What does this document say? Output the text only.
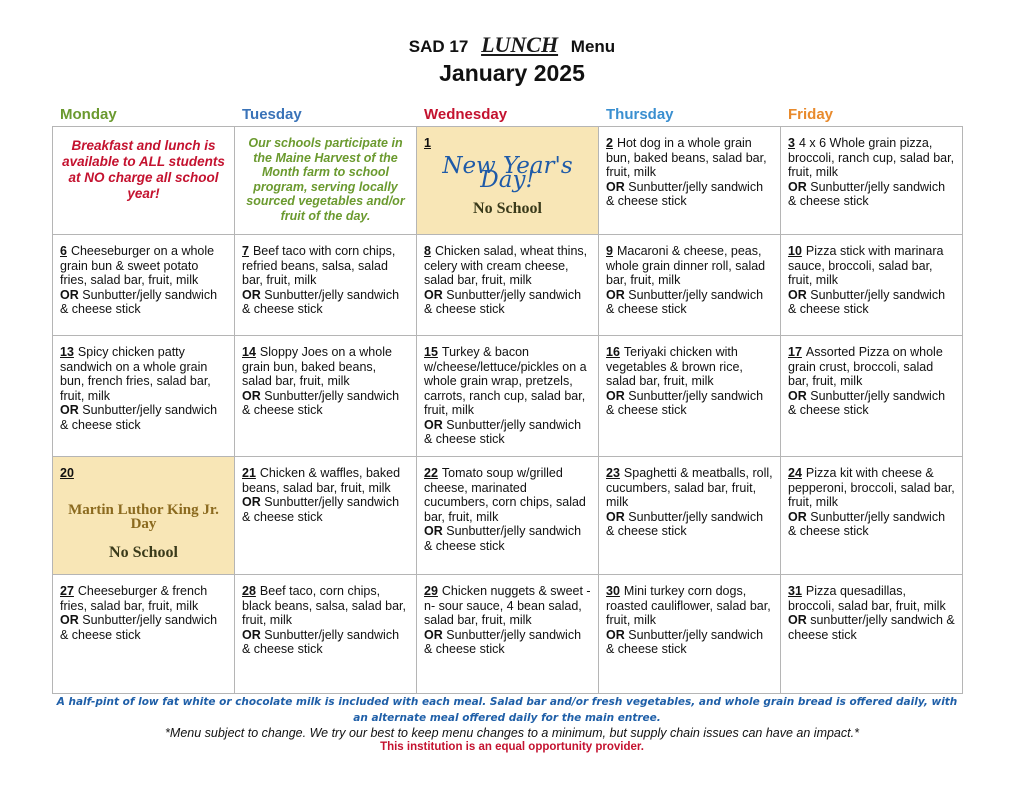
SAD 17 LUNCH Menu
January 2025
Monday	Tuesday	Wednesday	Thursday	Friday
Breakfast and lunch is available to ALL students at NO charge all school year!	Our schools participate in the Maine Harvest of the Month farm to school program, serving locally sourced vegetables and/or fruit of the day.	1
New Year's Day!
No School	2 Hot dog in a whole grain bun, baked beans, salad bar, fruit, milk
OR Sunbutter/jelly sandwich & cheese stick	3 4 x 6 Whole grain pizza, broccoli, ranch cup, salad bar, fruit, milk
OR Sunbutter/jelly sandwich & cheese stick
6 Cheeseburger on a whole grain bun & sweet potato fries, salad bar, fruit, milk
OR Sunbutter/jelly sandwich & cheese stick	7 Beef taco with corn chips, refried beans, salsa, salad bar, fruit, milk
OR Sunbutter/jelly sandwich & cheese stick	8 Chicken salad, wheat thins, celery with cream cheese, salad bar, fruit, milk
OR Sunbutter/jelly sandwich & cheese stick	9 Macaroni & cheese, peas, whole grain dinner roll, salad bar, fruit, milk
OR Sunbutter/jelly sandwich & cheese stick	10 Pizza stick with marinara sauce, broccoli, salad bar, fruit, milk
OR Sunbutter/jelly sandwich & cheese stick
13 Spicy chicken patty sandwich on a whole grain bun, french fries, salad bar, fruit, milk
OR Sunbutter/jelly sandwich & cheese stick	14 Sloppy Joes on a whole grain bun, baked beans, salad bar, fruit, milk
OR Sunbutter/jelly sandwich & cheese stick	15 Turkey & bacon w/cheese/lettuce/pickles on a whole grain wrap, pretzels, carrots, ranch cup, salad bar, fruit, milk
OR Sunbutter/jelly sandwich & cheese stick	16 Teriyaki chicken with vegetables & brown rice, salad bar, fruit, milk
OR Sunbutter/jelly sandwich & cheese stick	17 Assorted Pizza on whole grain crust, broccoli, salad bar, fruit, milk
OR Sunbutter/jelly sandwich & cheese stick
20
Martin Luthor King Jr. Day
No School	21 Chicken & waffles, baked beans, salad bar, fruit, milk
OR Sunbutter/jelly sandwich & cheese stick	22 Tomato soup w/grilled cheese, marinated cucumbers, corn chips, salad bar, fruit, milk
OR Sunbutter/jelly sandwich & cheese stick	23 Spaghetti & meatballs, roll, cucumbers, salad bar, fruit, milk
OR Sunbutter/jelly sandwich & cheese stick	24 Pizza kit with cheese & pepperoni, broccoli, salad bar, fruit, milk
OR Sunbutter/jelly sandwich & cheese stick
27 Cheeseburger & french fries, salad bar, fruit, milk
OR Sunbutter/jelly sandwich & cheese stick	28 Beef taco, corn chips, black beans, salsa, salad bar, fruit, milk
OR Sunbutter/jelly sandwich & cheese stick	29 Chicken nuggets & sweet -n- sour sauce, 4 bean salad, salad bar, fruit, milk
OR Sunbutter/jelly sandwich & cheese stick	30 Mini turkey corn dogs, roasted cauliflower, salad bar, fruit, milk
OR Sunbutter/jelly sandwich & cheese stick	31 Pizza quesadillas, broccoli, salad bar, fruit, milk
OR sunbutter/jelly sandwich & cheese stick
A half-pint of low fat white or chocolate milk is included with each meal. Salad bar and/or fresh vegetables, and whole grain bread is offered daily, with an alternate meal offered daily for the main entree.
*Menu subject to change. We try our best to keep menu changes to a minimum, but supply chain issues can have an impact.*
This institution is an equal opportunity provider.
